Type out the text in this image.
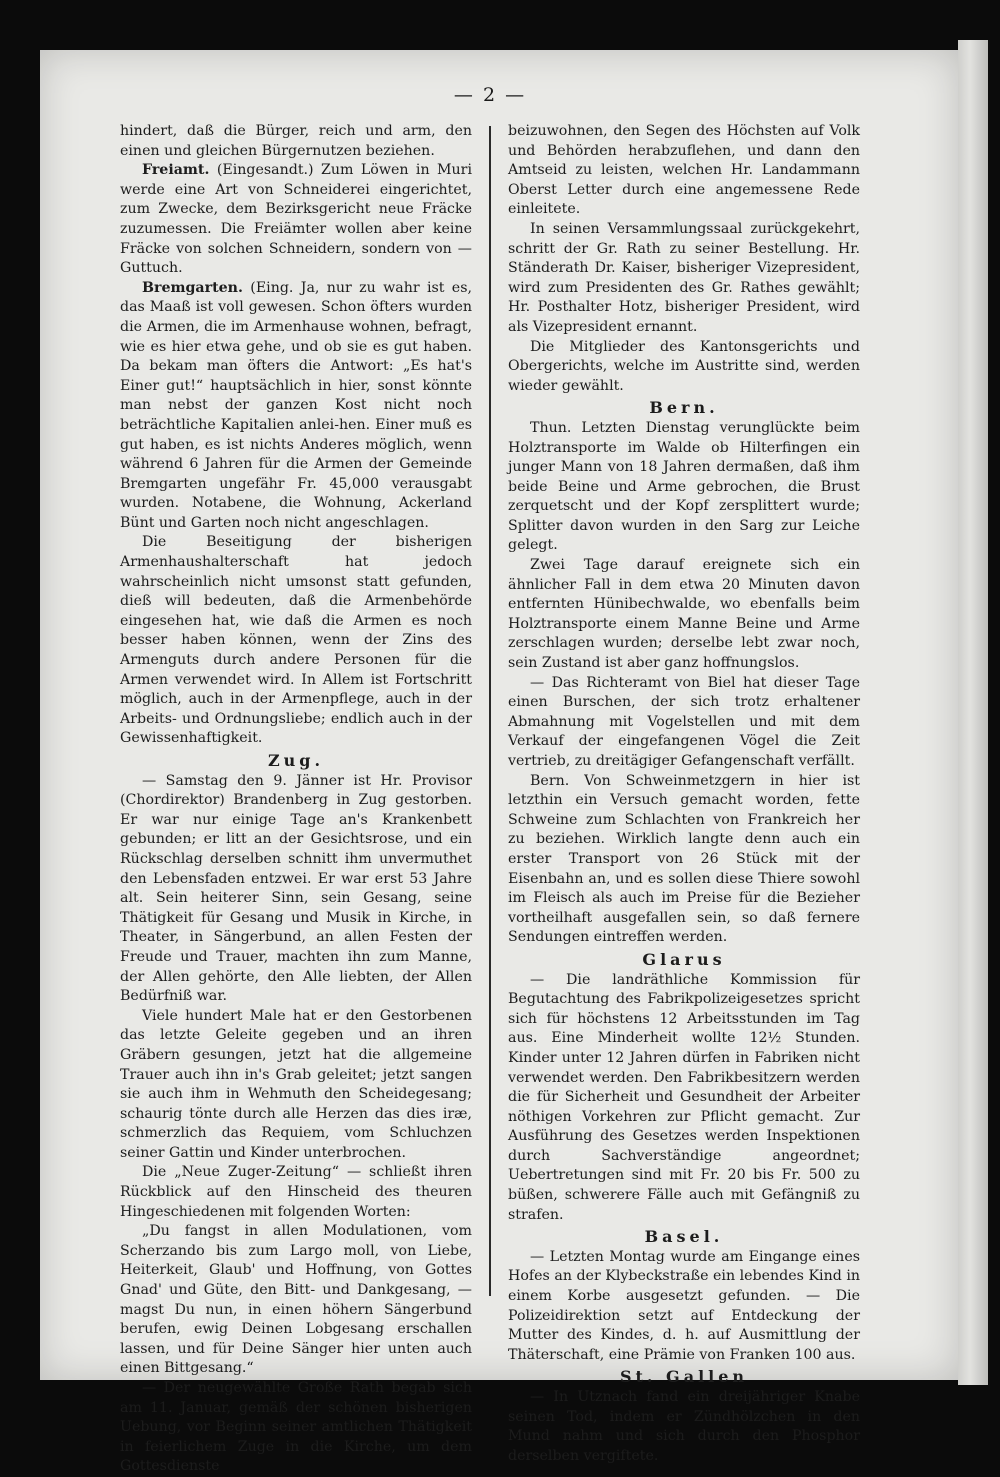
— 2 —

hindert, daß die Bürger, reich und arm, den einen und gleichen Bürgernutzen beziehen.

Freiamt. (Eingesandt.) Zum Löwen in Muri werde eine Art von Schneiderei eingerichtet, zum Zwecke, dem Bezirksgericht neue Fräcke zuzumessen. Die Freiämter wollen aber keine Fräcke von solchen Schneidern, sondern von — Guttuch.

Bremgarten. (Eing. Ja, nur zu wahr ist es, das Maaß ist voll gewesen. Schon öfters wurden die Armen, die im Armenhause wohnen, befragt, wie es hier etwa gehe, und ob sie es gut haben. Da bekam man öfters die Antwort: „Es hat's Einer gut!“ hauptsächlich in hier, sonst könnte man nebst der ganzen Kost nicht noch beträchtliche Kapitalien anlei-hen. Einer muß es gut haben, es ist nichts Anderes möglich, wenn während 6 Jahren für die Armen der Gemeinde Bremgarten ungefähr Fr. 45,000 verausgabt wurden. Notabene, die Wohnung, Ackerland Bünt und Garten noch nicht angeschlagen.

Die Beseitigung der bisherigen Armenhaushalterschaft hat jedoch wahrscheinlich nicht umsonst statt gefunden, dieß will bedeuten, daß die Armenbehörde eingesehen hat, wie daß die Armen es noch besser haben können, wenn der Zins des Armenguts durch andere Personen für die Armen verwendet wird. In Allem ist Fortschritt möglich, auch in der Armenpflege, auch in der Arbeits- und Ordnungsliebe; endlich auch in der Gewissenhaftigkeit.

Zug.

— Samstag den 9. Jänner ist Hr. Provisor (Chordirektor) Brandenberg in Zug gestorben. Er war nur einige Tage an's Krankenbett gebunden; er litt an der Gesichtsrose, und ein Rückschlag derselben schnitt ihm unvermuthet den Lebensfaden entzwei. Er war erst 53 Jahre alt. Sein heiterer Sinn, sein Gesang, seine Thätigkeit für Gesang und Musik in Kirche, in Theater, in Sängerbund, an allen Festen der Freude und Trauer, machten ihn zum Manne, der Allen gehörte, den Alle liebten, der Allen Bedürfniß war.

Viele hundert Male hat er den Gestorbenen das letzte Geleite gegeben und an ihren Gräbern gesungen, jetzt hat die allgemeine Trauer auch ihn in's Grab geleitet; jetzt sangen sie auch ihm in Wehmuth den Scheidegesang; schaurig tönte durch alle Herzen das dies iræ, schmerzlich das Requiem, vom Schluchzen seiner Gattin und Kinder unterbrochen.

Die „Neue Zuger-Zeitung“ — schließt ihren Rückblick auf den Hinscheid des theuren Hingeschiedenen mit folgenden Worten:

„Du fangst in allen Modulationen, vom Scherzando bis zum Largo moll, von Liebe, Heiterkeit, Glaub' und Hoffnung, von Gottes Gnad' und Güte, den Bitt- und Dankgesang, — magst Du nun, in einen höhern Sängerbund berufen, ewig Deinen Lobgesang erschallen lassen, und für Deine Sänger hier unten auch einen Bittgesang.“

— Der neugewählte Große Rath begab sich am 11. Januar, gemäß der schönen bisherigen Uebung, vor Beginn seiner amtlichen Thätigkeit in feierlichem Zuge in die Kirche, um dem Gottesdienste

beizuwohnen, den Segen des Höchsten auf Volk und Behörden herabzuflehen, und dann den Amtseid zu leisten, welchen Hr. Landammann Oberst Letter durch eine angemessene Rede einleitete.

In seinen Versammlungssaal zurückgekehrt, schritt der Gr. Rath zu seiner Bestellung. Hr. Ständerath Dr. Kaiser, bisheriger Vizepresident, wird zum Presidenten des Gr. Rathes gewählt; Hr. Posthalter Hotz, bisheriger President, wird als Vizepresident ernannt.

Die Mitglieder des Kantonsgerichts und Obergerichts, welche im Austritte sind, werden wieder gewählt.

Bern.

Thun. Letzten Dienstag verunglückte beim Holztransporte im Walde ob Hilterfingen ein junger Mann von 18 Jahren dermaßen, daß ihm beide Beine und Arme gebrochen, die Brust zerquetscht und der Kopf zersplittert wurde; Splitter davon wurden in den Sarg zur Leiche gelegt.

Zwei Tage darauf ereignete sich ein ähnlicher Fall in dem etwa 20 Minuten davon entfernten Hünibechwalde, wo ebenfalls beim Holztransporte einem Manne Beine und Arme zerschlagen wurden; derselbe lebt zwar noch, sein Zustand ist aber ganz hoffnungslos.

— Das Richteramt von Biel hat dieser Tage einen Burschen, der sich trotz erhaltener Abmahnung mit Vogelstellen und mit dem Verkauf der eingefangenen Vögel die Zeit vertrieb, zu dreitägiger Gefangenschaft verfällt.

Bern. Von Schweinmetzgern in hier ist letzthin ein Versuch gemacht worden, fette Schweine zum Schlachten von Frankreich her zu beziehen. Wirklich langte denn auch ein erster Transport von 26 Stück mit der Eisenbahn an, und es sollen diese Thiere sowohl im Fleisch als auch im Preise für die Bezieher vortheilhaft ausgefallen sein, so daß fernere Sendungen eintreffen werden.

Glarus

— Die landräthliche Kommission für Begutachtung des Fabrikpolizeigesetzes spricht sich für höchstens 12 Arbeitsstunden im Tag aus. Eine Minderheit wollte 12½ Stunden. Kinder unter 12 Jahren dürfen in Fabriken nicht verwendet werden. Den Fabrikbesitzern werden die für Sicherheit und Gesundheit der Arbeiter nöthigen Vorkehren zur Pflicht gemacht. Zur Ausführung des Gesetzes werden Inspektionen durch Sachverständige angeordnet; Uebertretungen sind mit Fr. 20 bis Fr. 500 zu büßen, schwerere Fälle auch mit Gefängniß zu strafen.

Basel.

— Letzten Montag wurde am Eingange eines Hofes an der Klybeckstraße ein lebendes Kind in einem Korbe ausgesetzt gefunden. — Die Polizeidirektion setzt auf Entdeckung der Mutter des Kindes, d. h. auf Ausmittlung der Thäterschaft, eine Prämie von Franken 100 aus.

St. Gallen

— In Utznach fand ein dreijähriger Knabe seinen Tod, indem er Zündhölzchen in den Mund nahm und sich durch den Phosphor derselben vergiftete.
